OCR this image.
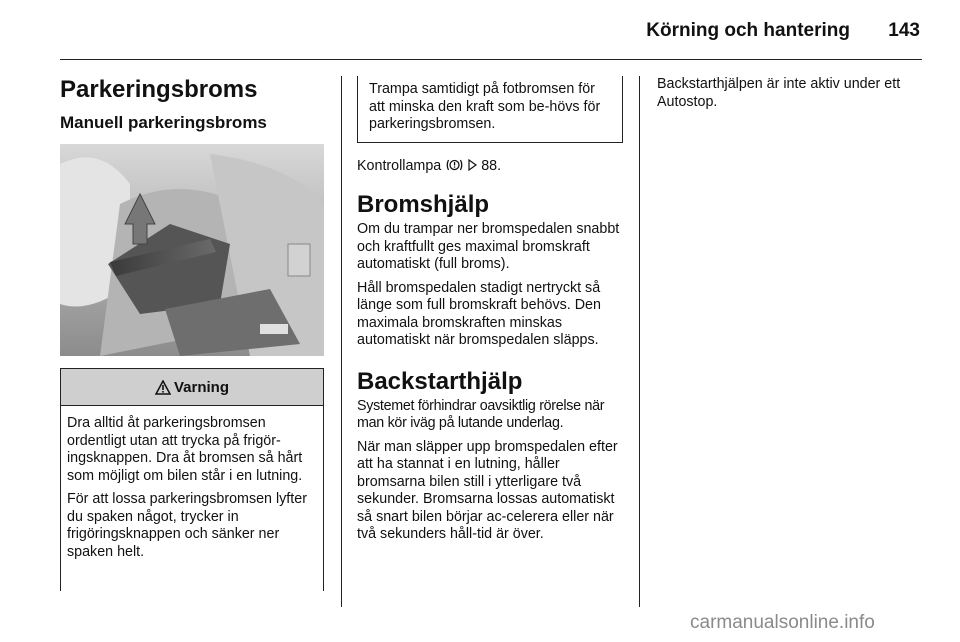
Körning och hantering	143
Parkeringsbroms
Manuell parkeringsbroms
Varning

Dra alltid åt parkeringsbromsen ordentligt utan att trycka på frigör-ingsknappen. Dra åt bromsen så hårt som möjligt om bilen står i en lutning.

För att lossa parkeringsbromsen lyfter du spaken något, trycker in frigöringsknappen och sänker ner spaken helt.

Trampa samtidigt på fotbromsen för att minska den kraft som be-hövs för parkeringsbromsen.

Kontrollampa	88.

Bromshjälp

Om du trampar ner bromspedalen snabbt och kraftfullt ges maximal bromskraft automatiskt (full broms).

Håll bromspedalen stadigt nertryckt så länge som full bromskraft behövs. Den maximala bromskraften minskas automatiskt när bromspedalen släpps.

Backstarthjälp

Systemet förhindrar oavsiktlig rörelse när man kör iväg på lutande underlag.

När man släpper upp bromspedalen efter att ha stannat i en lutning, håller bromsarna bilen still i ytterligare två sekunder. Bromsarna lossas automatiskt så snart bilen börjar ac-celerera eller när två sekunders håll-tid är över.

Backstarthjälpen är inte aktiv under ett Autostop.

carmanualsonline.info
